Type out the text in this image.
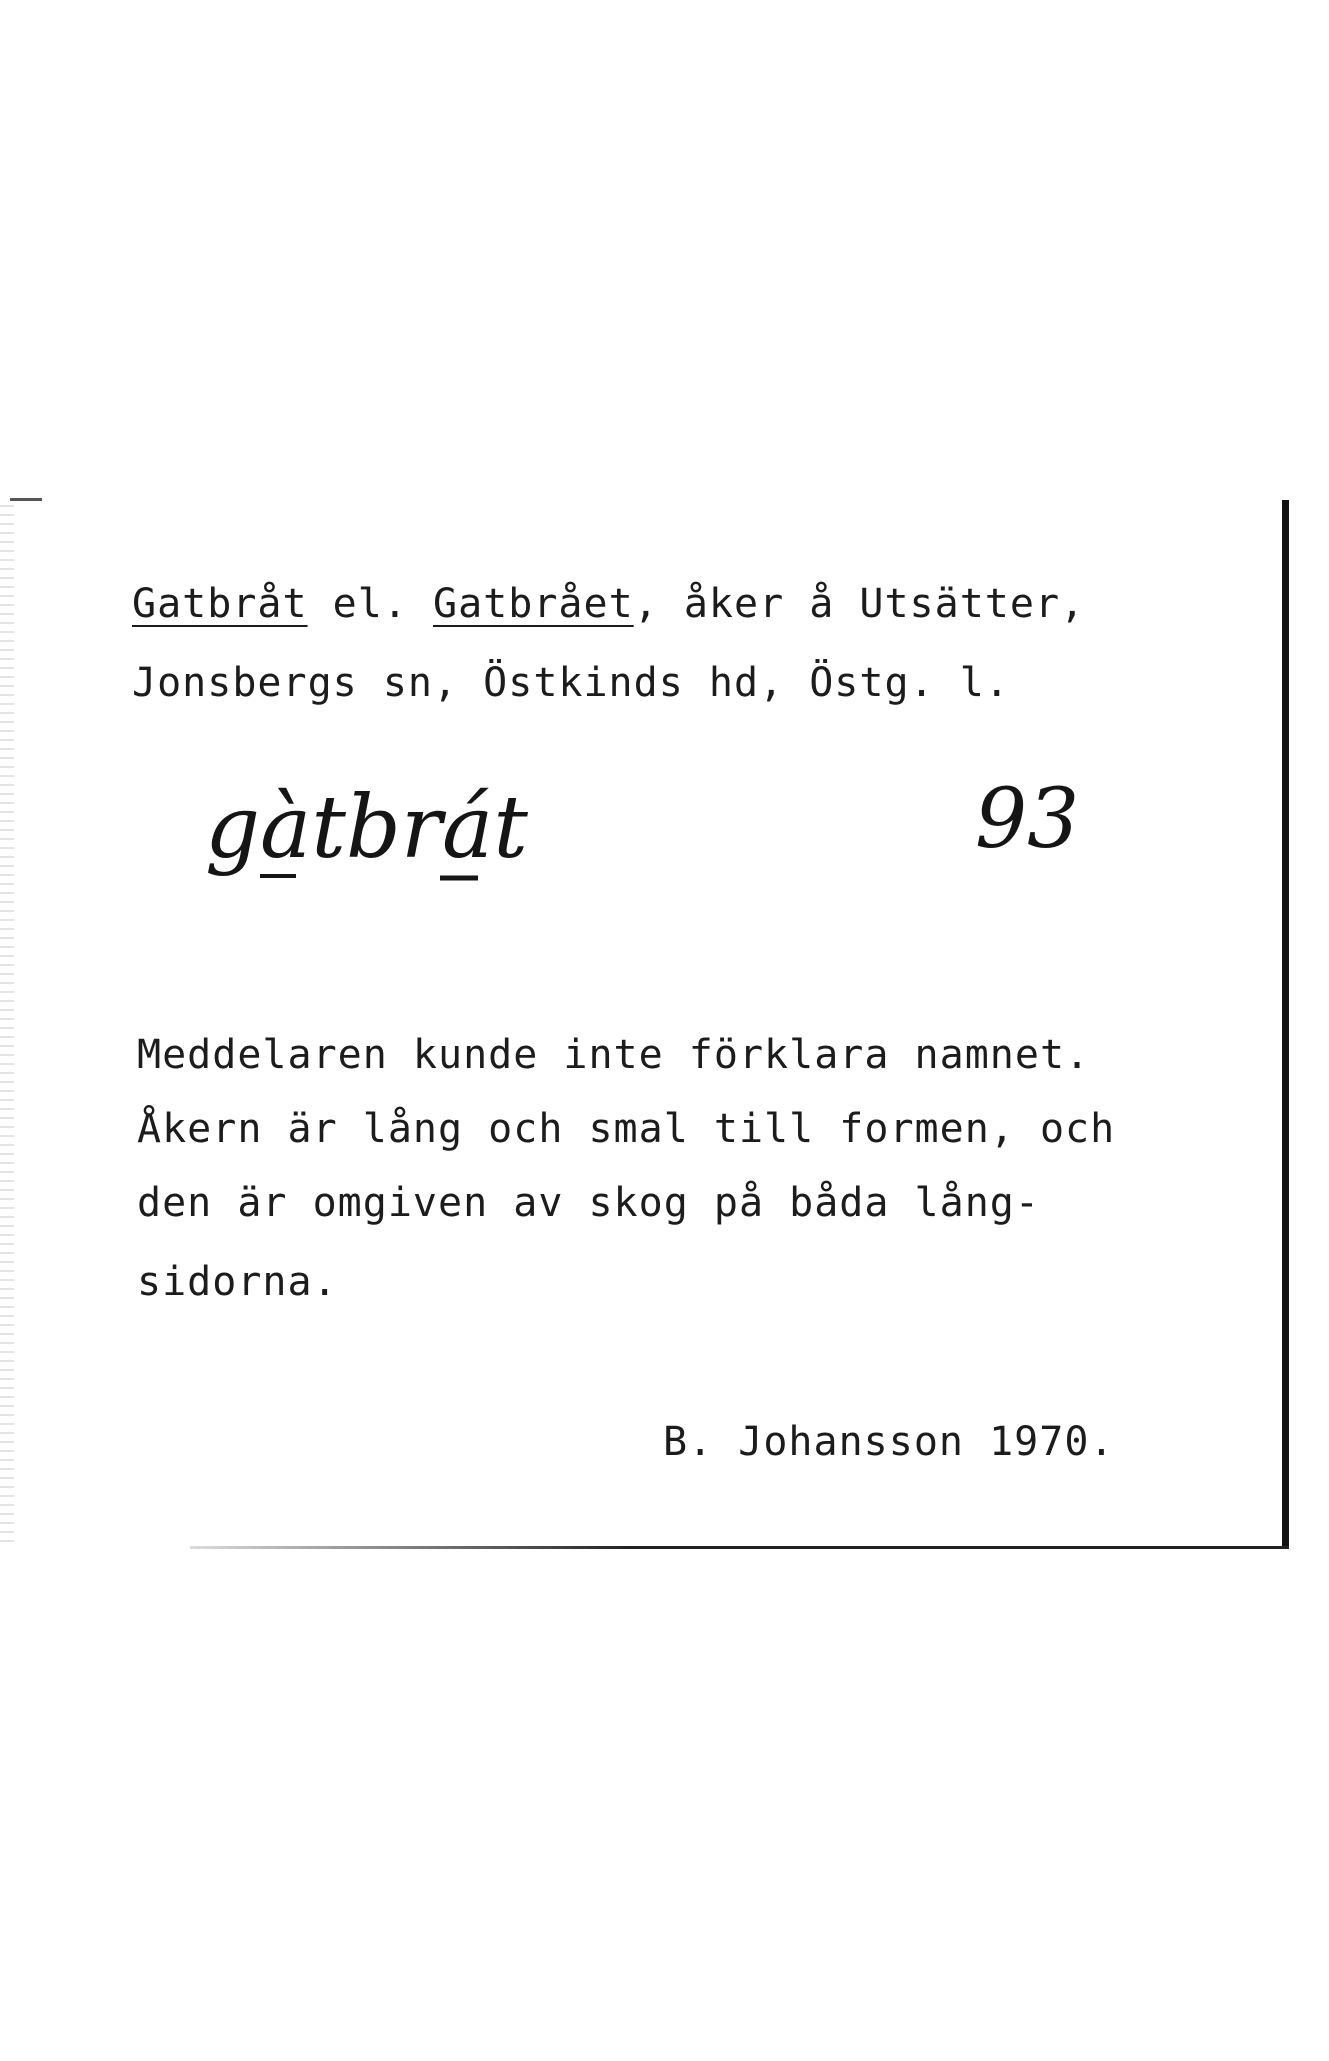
Gatbråt el. Gatbrået, åker å Utsätter,
Jonsbergs sn, Östkinds hd, Östg. l.
gàtbrát	93
Meddelaren kunde inte förklara namnet.
Åkern är lång och smal till formen, och
den är omgiven av skog på båda lång-
sidorna.
B. Johansson 1970.
